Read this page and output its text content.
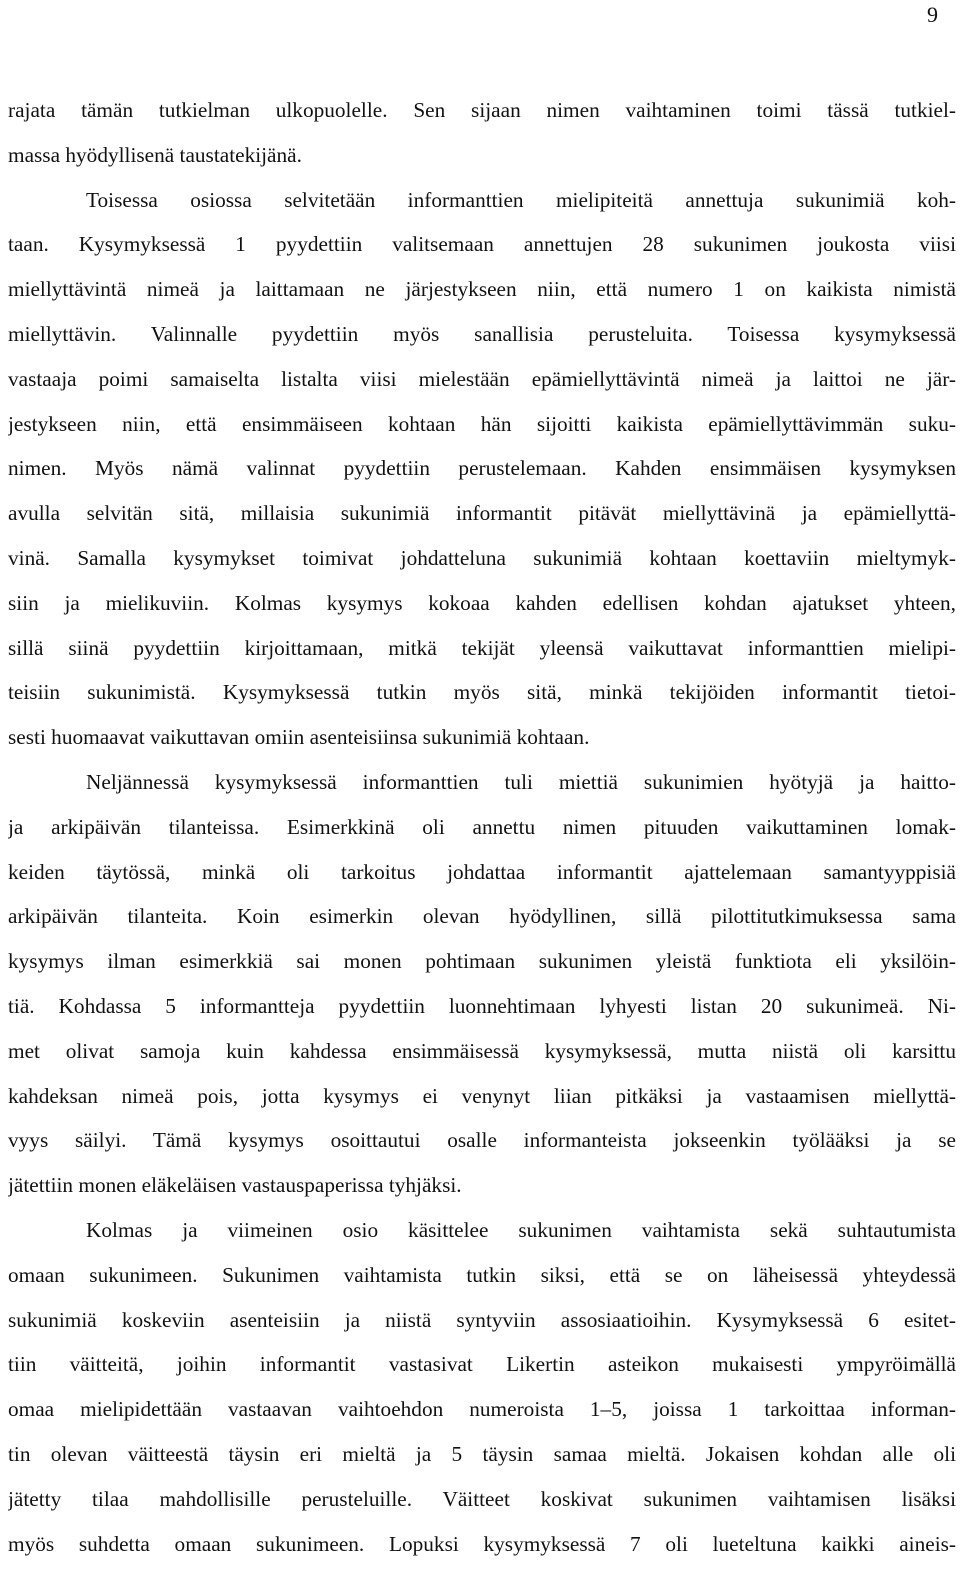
9
rajata tämän tutkielman ulkopuolelle. Sen sijaan nimen vaihtaminen toimi tässä tutkiel-
massa hyödyllisenä taustatekijänä.
Toisessa osiossa selvitetään informanttien mielipiteitä annettuja sukunimiä koh-
taan. Kysymyksessä 1 pyydettiin valitsemaan annettujen 28 sukunimen joukosta viisi
miellyttävintä nimeä ja laittamaan ne järjestykseen niin, että numero 1 on kaikista nimistä
miellyttävin. Valinnalle pyydettiin myös sanallisia perusteluita. Toisessa kysymyksessä
vastaaja poimi samaiselta listalta viisi mielestään epämiellyttävintä nimeä ja laittoi ne jär-
jestykseen niin, että ensimmäiseen kohtaan hän sijoitti kaikista epämiellyttävimmän suku-
nimen. Myös nämä valinnat pyydettiin perustelemaan. Kahden ensimmäisen kysymyksen
avulla selvitän sitä, millaisia sukunimiä informantit pitävät miellyttävinä ja epämiellyttä-
vinä. Samalla kysymykset toimivat johdatteluna sukunimiä kohtaan koettaviin mieltymyk-
siin ja mielikuviin. Kolmas kysymys kokoaa kahden edellisen kohdan ajatukset yhteen,
sillä siinä pyydettiin kirjoittamaan, mitkä tekijät yleensä vaikuttavat informanttien mielipi-
teisiin sukunimistä. Kysymyksessä tutkin myös sitä, minkä tekijöiden informantit tietoi-
sesti huomaavat vaikuttavan omiin asenteisiinsa sukunimiä kohtaan.
Neljännessä kysymyksessä informanttien tuli miettiä sukunimien hyötyjä ja haitto-
ja arkipäivän tilanteissa. Esimerkkinä oli annettu nimen pituuden vaikuttaminen lomak-
keiden täytössä, minkä oli tarkoitus johdattaa informantit ajattelemaan samantyyppisiä
arkipäivän tilanteita. Koin esimerkin olevan hyödyllinen, sillä pilottitutkimuksessa sama
kysymys ilman esimerkkiä sai monen pohtimaan sukunimen yleistä funktiota eli yksilöin-
tiä. Kohdassa 5 informantteja pyydettiin luonnehtimaan lyhyesti listan 20 sukunimeä. Ni-
met olivat samoja kuin kahdessa ensimmäisessä kysymyksessä, mutta niistä oli karsittu
kahdeksan nimeä pois, jotta kysymys ei venynyt liian pitkäksi ja vastaamisen miellyttä-
vyys säilyi. Tämä kysymys osoittautui osalle informanteista jokseenkin työlääksi ja se
jätettiin monen eläkeläisen vastauspaperissa tyhjäksi.
Kolmas ja viimeinen osio käsittelee sukunimen vaihtamista sekä suhtautumista
omaan sukunimeen. Sukunimen vaihtamista tutkin siksi, että se on läheisessä yhteydessä
sukunimiä koskeviin asenteisiin ja niistä syntyviin assosiaatioihin. Kysymyksessä 6 esitet-
tiin väitteitä, joihin informantit vastasivat Likertin asteikon mukaisesti ympyröimällä
omaa mielipidettään vastaavan vaihtoehdon numeroista 1–5, joissa 1 tarkoittaa informan-
tin olevan väitteestä täysin eri mieltä ja 5 täysin samaa mieltä. Jokaisen kohdan alle oli
jätetty tilaa mahdollisille perusteluille. Väitteet koskivat sukunimen vaihtamisen lisäksi
myös suhdetta omaan sukunimeen. Lopuksi kysymyksessä 7 oli lueteltuna kaikki aineis-
